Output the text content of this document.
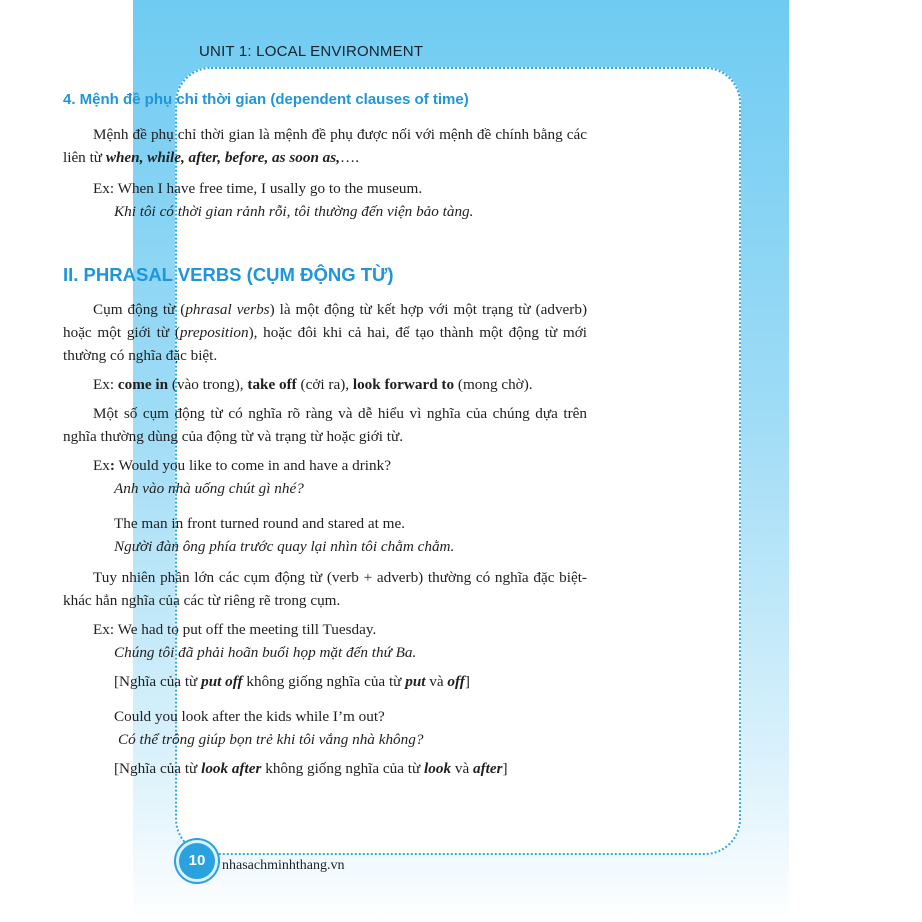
UNIT 1: LOCAL ENVIRONMENT

4. Mệnh đề phụ chỉ thời gian (dependent clauses of time)

Mệnh đề phụ chỉ thời gian là mệnh đề phụ được nối với mệnh đề chính bằng các liên từ when, while, after, before, as soon as,….

Ex: When I have free time, I usally go to the museum.

Khi tôi có thời gian rảnh rỗi, tôi thường đến viện bảo tàng.

II. PHRASAL VERBS (CỤM ĐỘNG TỪ)

Cụm động từ (phrasal verbs) là một động từ kết hợp với một trạng từ (adverb) hoặc một giới từ (preposition), hoặc đôi khi cả hai, để tạo thành một động từ mới thường có nghĩa đặc biệt.

Ex: come in (vào trong), take off (cởi ra), look forward to (mong chờ).

Một số cụm động từ có nghĩa rõ ràng và dễ hiểu vì nghĩa của chúng dựa trên nghĩa thường dùng của động từ và trạng từ hoặc giới từ.

Ex: Would you like to come in and have a drink?

Anh vào nhà uống chút gì nhé?

The man in front turned round and stared at me.

Người đàn ông phía trước quay lại nhìn tôi chằm chằm.

Tuy nhiên phần lớn các cụm động từ (verb + adverb) thường có nghĩa đặc biệt- khác hẳn nghĩa của các từ riêng rẽ trong cụm.

Ex: We had to put off the meeting till Tuesday.

Chúng tôi đã phải hoãn buổi họp mặt đến thứ Ba.

[Nghĩa của từ put off không giống nghĩa của từ put và off]

Could you look after the kids while I’m out?

Có thể trông giúp bọn trẻ khi tôi vắng nhà không?

[Nghĩa của từ look after không giống nghĩa của từ look và after]

10	nhasachminhthang.vn
